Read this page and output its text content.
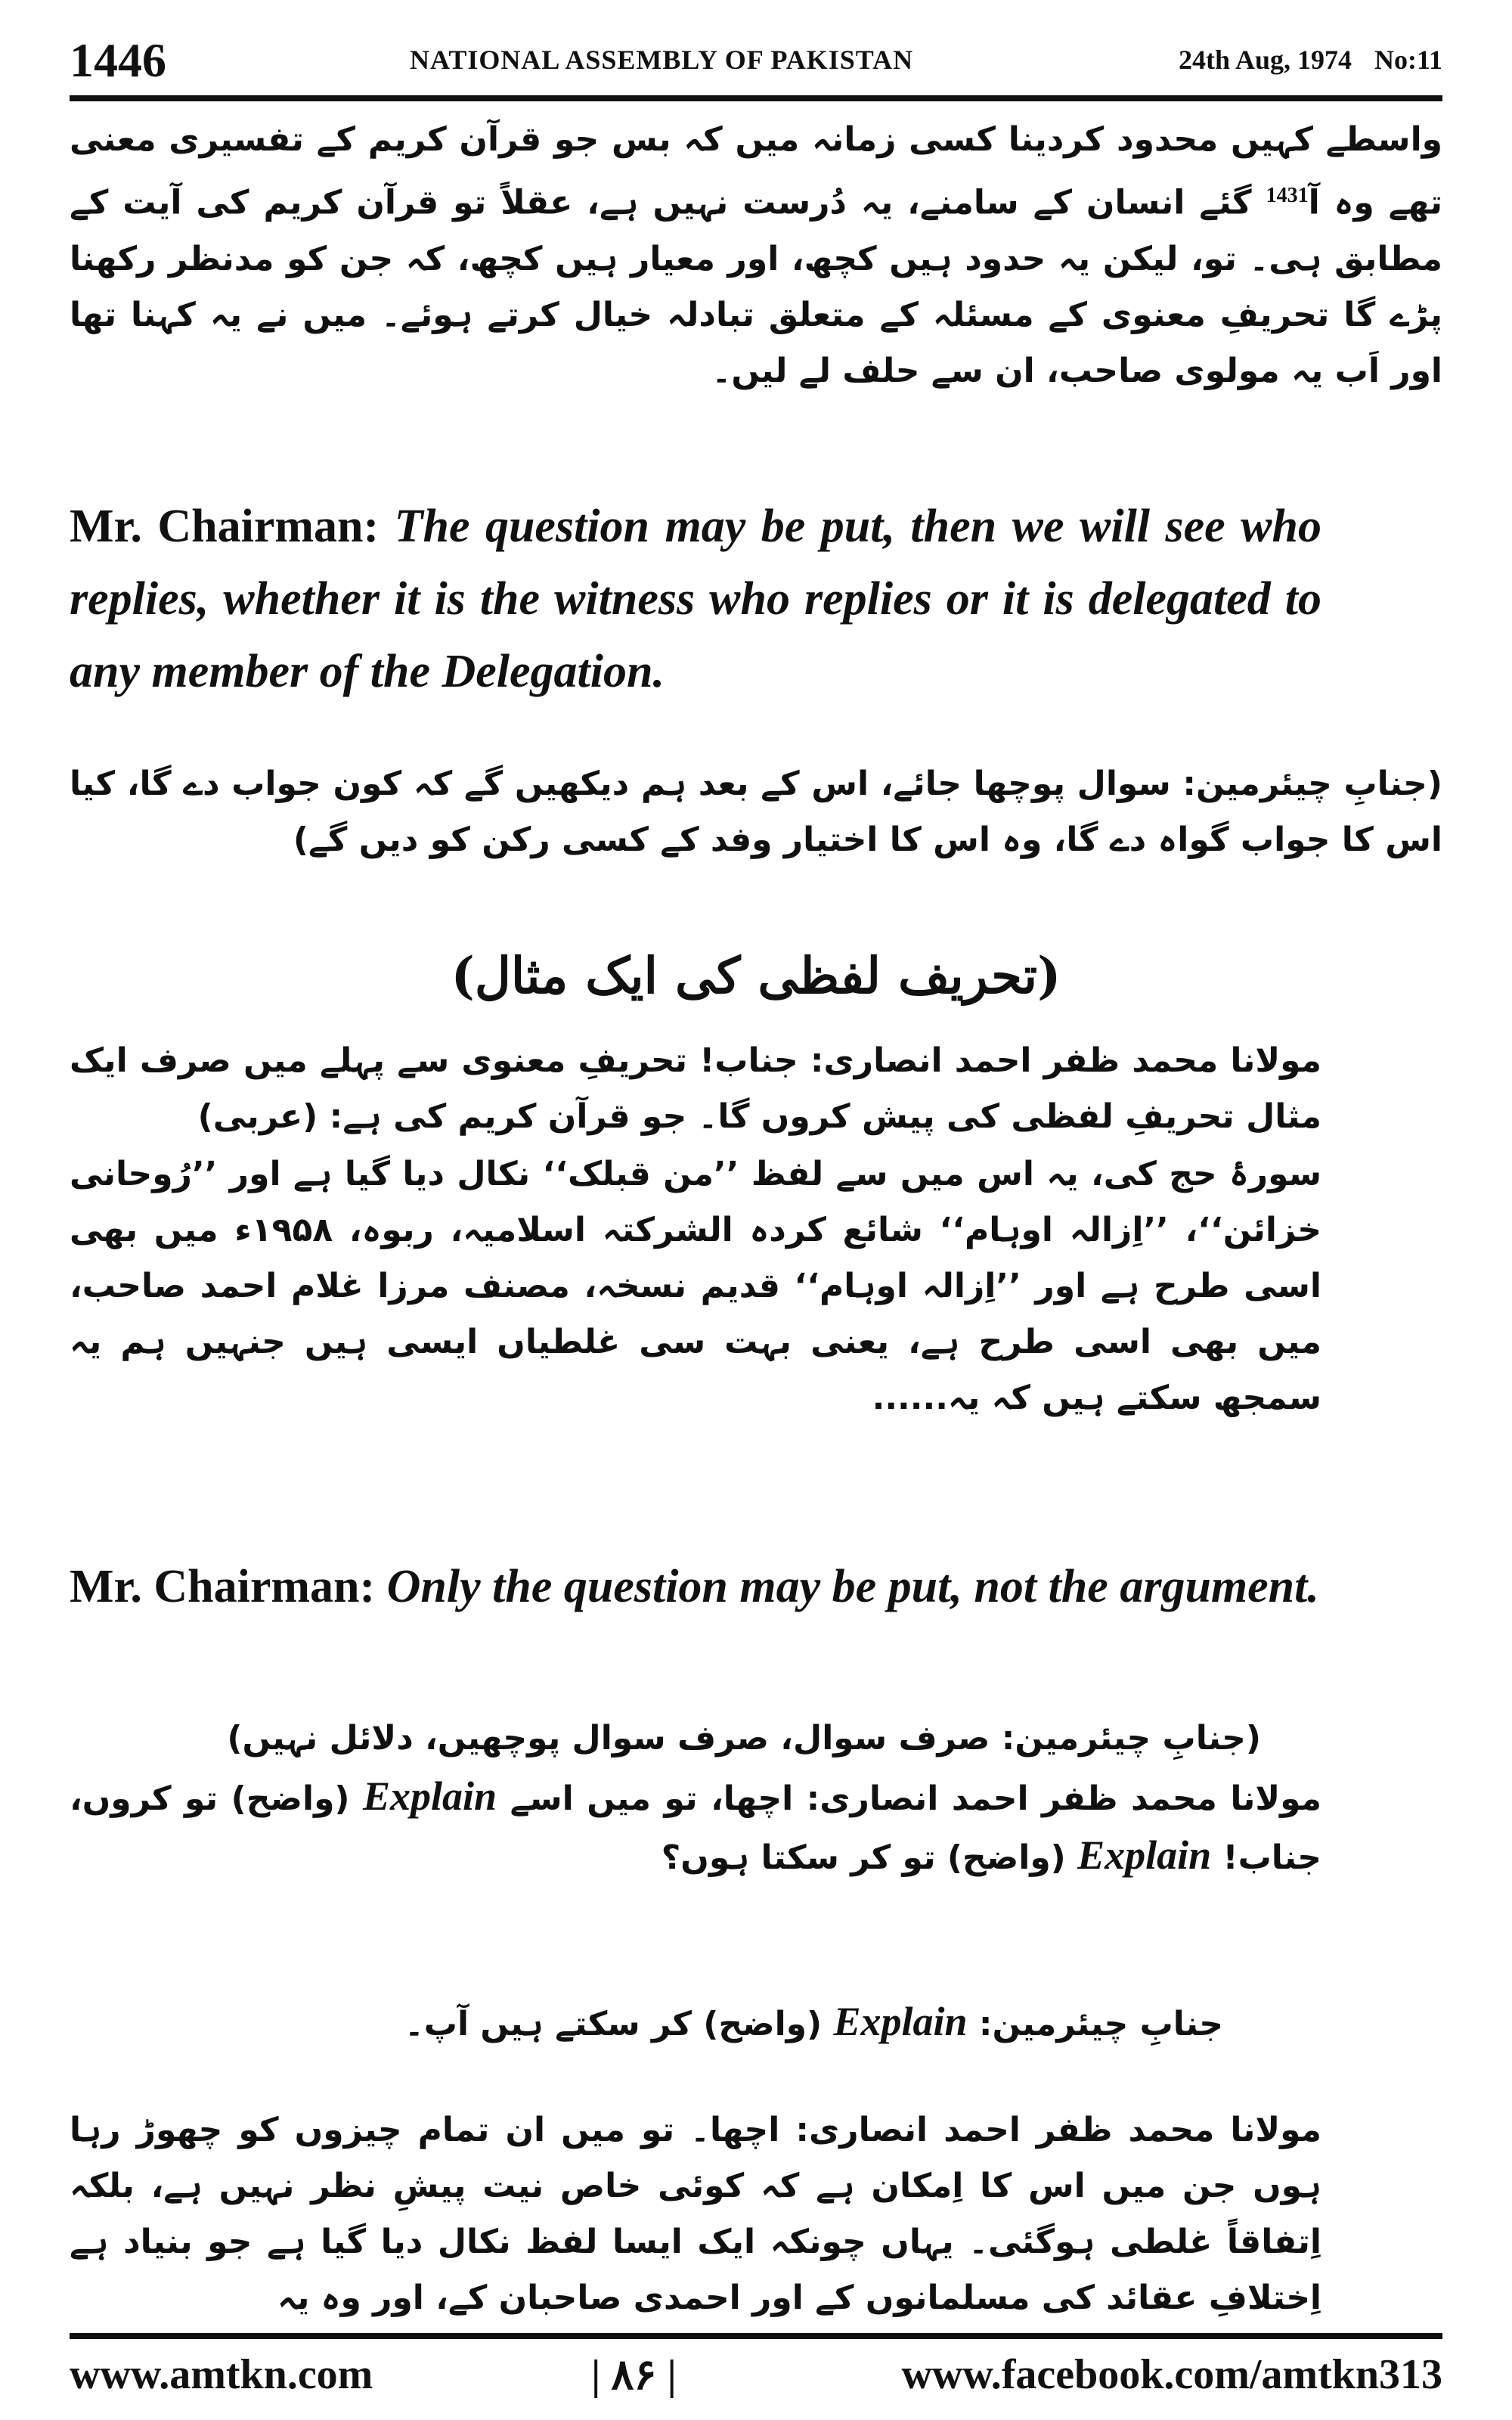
1446	NATIONAL ASSEMBLY OF PAKISTAN	24th Aug, 1974 No:11

واسطے کہیں محدود کردینا کسی زمانہ میں کہ بس جو قرآن کریم کے تفسیری معنی تھے وہ آ$^{1431}$ گئے انسان کے سامنے، یہ دُرست نہیں ہے، عقلاً تو قرآن کریم کی آیت کے مطابق ہی۔ تو، لیکن یہ حدود ہیں کچھ، اور معیار ہیں کچھ، کہ جن کو مدنظر رکھنا پڑے گا تحریفِ معنوی کے مسئلہ کے متعلق تبادلہ خیال کرتے ہوئے۔ میں نے یہ کہنا تھا اور اَب یہ مولوی صاحب، ان سے حلف لے لیں۔

Mr. Chairman: The question may be put, then we will see who replies, whether it is the witness who replies or it is delegated to any member of the Delegation.

(جنابِ چیئرمین: سوال پوچھا جائے، اس کے بعد ہم دیکھیں گے کہ کون جواب دے گا، کیا اس کا جواب گواہ دے گا، وہ اس کا اختیار وفد کے کسی رکن کو دیں گے)

(تحریف لفظی کی ایک مثال)

مولانا محمد ظفر احمد انصاری: جناب! تحریفِ معنوی سے پہلے میں صرف ایک مثال تحریفِ لفظی کی پیش کروں گا۔ جو قرآن کریم کی ہے: (عربی)

سورۂ حج کی، یہ اس میں سے لفظ ’’من قبلک‘‘ نکال دیا گیا ہے اور ’’رُوحانی خزائن‘‘، ’’اِزالہ اوہام‘‘ شائع کردہ الشرکتہ اسلامیہ، ربوہ، ۱۹۵۸ء میں بھی اسی طرح ہے اور ’’اِزالہ اوہام‘‘ قدیم نسخہ، مصنف مرزا غلام احمد صاحب، میں بھی اسی طرح ہے، یعنی بہت سی غلطیاں ایسی ہیں جنہیں ہم یہ سمجھ سکتے ہیں کہ یہ......

Mr. Chairman: Only the question may be put, not the argument.

(جنابِ چیئرمین: صرف سوال، صرف سوال پوچھیں، دلائل نہیں)

مولانا محمد ظفر احمد انصاری: اچھا، تو میں اسے Explain (واضح) تو کروں، جناب! Explain (واضح) تو کر سکتا ہوں؟

جنابِ چیئرمین: Explain (واضح) کر سکتے ہیں آپ۔

مولانا محمد ظفر احمد انصاری: اچھا۔ تو میں ان تمام چیزوں کو چھوڑ رہا ہوں جن میں اس کا اِمکان ہے کہ کوئی خاص نیت پیشِ نظر نہیں ہے، بلکہ اِتفاقاً غلطی ہوگئی۔ یہاں چونکہ ایک ایسا لفظ نکال دیا گیا ہے جو بنیاد ہے اِختلافِ عقائد کی مسلمانوں کے اور احمدی صاحبان کے، اور وہ یہ

www.amtkn.com	| ۸۶ |	www.facebook.com/amtkn313
